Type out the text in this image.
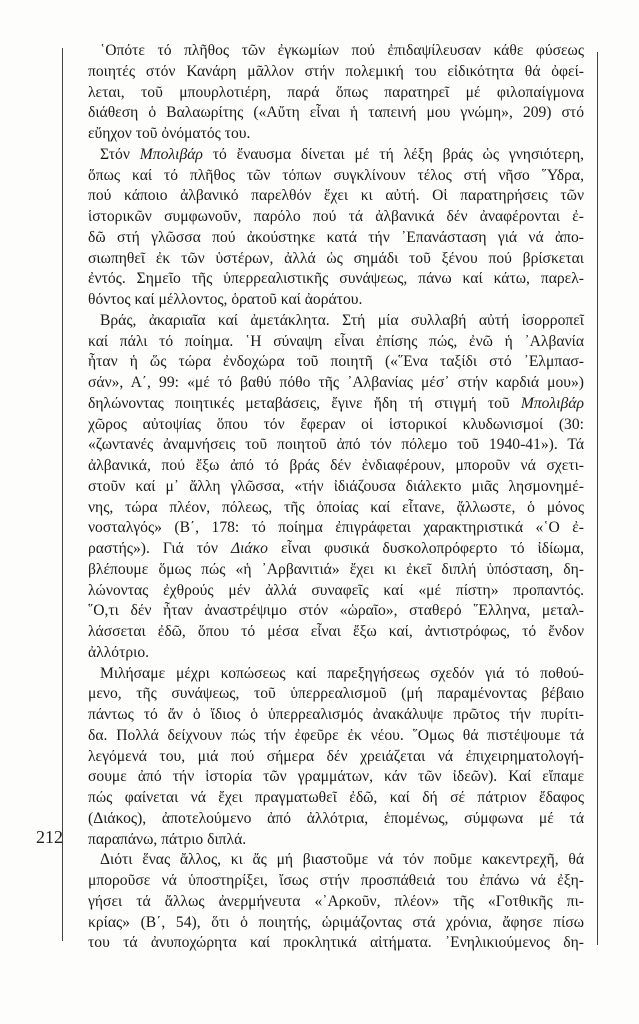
212
῾Οπότε τό πλῆθος τῶν ἐγκωμίων πού ἐπιδαψίλευσαν κάθε φύσεως
ποιητές στόν Κανάρη μᾶλλον στήν πολεμική του εἰδικότητα θά ὀφεί-
λεται, τοῦ μπουρλοτιέρη, παρά ὅπως παρατηρεῖ μέ φιλοπαίγμονα
διάθεση ὁ Βαλαωρίτης («Αὔτη εἶναι ἡ ταπεινή μου γνώμη», 209) στό
εὔηχον τοῦ ὀνόματός του.
Στόν Μπολιβάρ τό ἔναυσμα δίνεται μέ τή λέξη βράς ὡς γνησιότερη,
ὅπως καί τό πλῆθος τῶν τόπων συγκλίνουν τέλος στή νῆσο ῞Υδρα,
πού κάποιο ἀλβανικό παρελθόν ἔχει κι αὐτή. Οἱ παρατηρήσεις τῶν
ἱστορικῶν συμφωνοῦν, παρόλο πού τά ἀλβανικά δέν ἀναφέρονται ἐ-
δῶ στή γλῶσσα πού ἀκούστηκε κατά τήν ᾿Επανάσταση γιά νά ἀπο-
σιωπηθεῖ ἐκ τῶν ὑστέρων, ἀλλά ὡς σημάδι τοῦ ξένου πού βρίσκεται
ἐντός. Σημεῖο τῆς ὑπερρεαλιστικῆς συνάψεως, πάνω καί κάτω, παρελ-
θόντος καί μέλλοντος, ὁρατοῦ καί ἀοράτου.
Βράς, ἀκαριαῖα καί ἀμετάκλητα. Στή μία συλλαβή αὐτή ἰσορροπεῖ
καί πάλι τό ποίημα. ῾Η σύναψη εἶναι ἐπίσης πώς, ἐνῶ ἡ ᾿Αλβανία
ἦταν ἡ ὥς τώρα ἐνδοχώρα τοῦ ποιητῆ («῞Ενα ταξίδι στό ᾿Ελμπασ-
σάν», Α΄, 99: «μέ τό βαθύ πόθο τῆς ᾿Αλβανίας μέσ᾿ στήν καρδιά μου»)
δηλώνοντας ποιητικές μεταβάσεις, ἔγινε ἤδη τή στιγμή τοῦ Μπολιβάρ
χῶρος αὐτοψίας ὅπου τόν ἔφεραν οἱ ἱστορικοί κλυδωνισμοί (30:
«ζωντανές ἀναμνήσεις τοῦ ποιητοῦ ἀπό τόν πόλεμο τοῦ 1940-41»). Τά
ἀλβανικά, πού ἔξω ἀπό τό βράς δέν ἐνδιαφέρουν, μποροῦν νά σχετι-
στοῦν καί μ᾿ ἄλλη γλῶσσα, «τήν ἰδιάζουσα διάλεκτο μιᾶς λησμονημέ-
νης, τώρα πλέον, πόλεως, τῆς ὁποίας καί εἶτανε, ᾄλλωστε, ὁ μόνος
νοσταλγός» (Β΄, 178: τό ποίημα ἐπιγράφεται χαρακτηριστικά «῾Ο ἐ-
ραστής»). Γιά τόν Διάκο εἶναι φυσικά δυσκολοπρόφερτο τό ἰδίωμα,
βλέπουμε ὅμως πώς «ἡ ᾿Αρβανιτιά» ἔχει κι ἐκεῖ διπλή ὑπόσταση, δη-
λώνοντας ἐχθρούς μέν ἀλλά συναφεῖς καί «μέ πίστη» προπαντός.
῞Ο,τι δέν ἦταν ἀναστρέψιμο στόν «ὡραῖο», σταθερό ῞Ελληνα, μεταλ-
λάσσεται ἐδῶ, ὅπου τό μέσα εἶναι ἔξω καί, ἀντιστρόφως, τό ἔνδον
ἀλλότριο.
Μιλήσαμε μέχρι κοπώσεως καί παρεξηγήσεως σχεδόν γιά τό ποθού-
μενο, τῆς συνάψεως, τοῦ ὑπερρεαλισμοῦ (μή παραμένοντας βέβαιο
πάντως τό ἄν ὁ ἴδιος ὁ ὑπερρεαλισμός ἀνακάλυψε πρῶτος τήν πυρίτι-
δα. Πολλά δείχνουν πώς τήν ἐφεῦρε ἐκ νέου. ῞Ομως θά πιστέψουμε τά
λεγόμενά του, μιά πού σήμερα δέν χρειάζεται νά ἐπιχειρηματολογή-
σουμε ἀπό τήν ἱστορία τῶν γραμμάτων, κάν τῶν ἰδεῶν). Καί εἴπαμε
πώς φαίνεται νά ἔχει πραγματωθεῖ ἐδῶ, καί δή σέ πάτριον ἔδαφος
(Διάκος), ἀποτελούμενο ἀπό ἀλλότρια, ἑπομένως, σύμφωνα μέ τά
παραπάνω, πάτριο διπλά.
Διότι ἕνας ἄλλος, κι ἄς μή βιαστοῦμε νά τόν ποῦμε κακεντρεχῆ, θά
μποροῦσε νά ὑποστηρίξει, ἴσως στήν προσπάθειά του ἐπάνω νά ἐξη-
γήσει τά ἄλλως ἀνερμήνευτα «᾿Αρκοῦν, πλέον» τῆς «Γοτθικῆς πι-
κρίας» (Β΄, 54), ὅτι ὁ ποιητής, ὡριμάζοντας στά χρόνια, ἄφησε πίσω
του τά ἀνυποχώρητα καί προκλητικά αἰτήματα. ᾿Ενηλικιούμενος δη-
